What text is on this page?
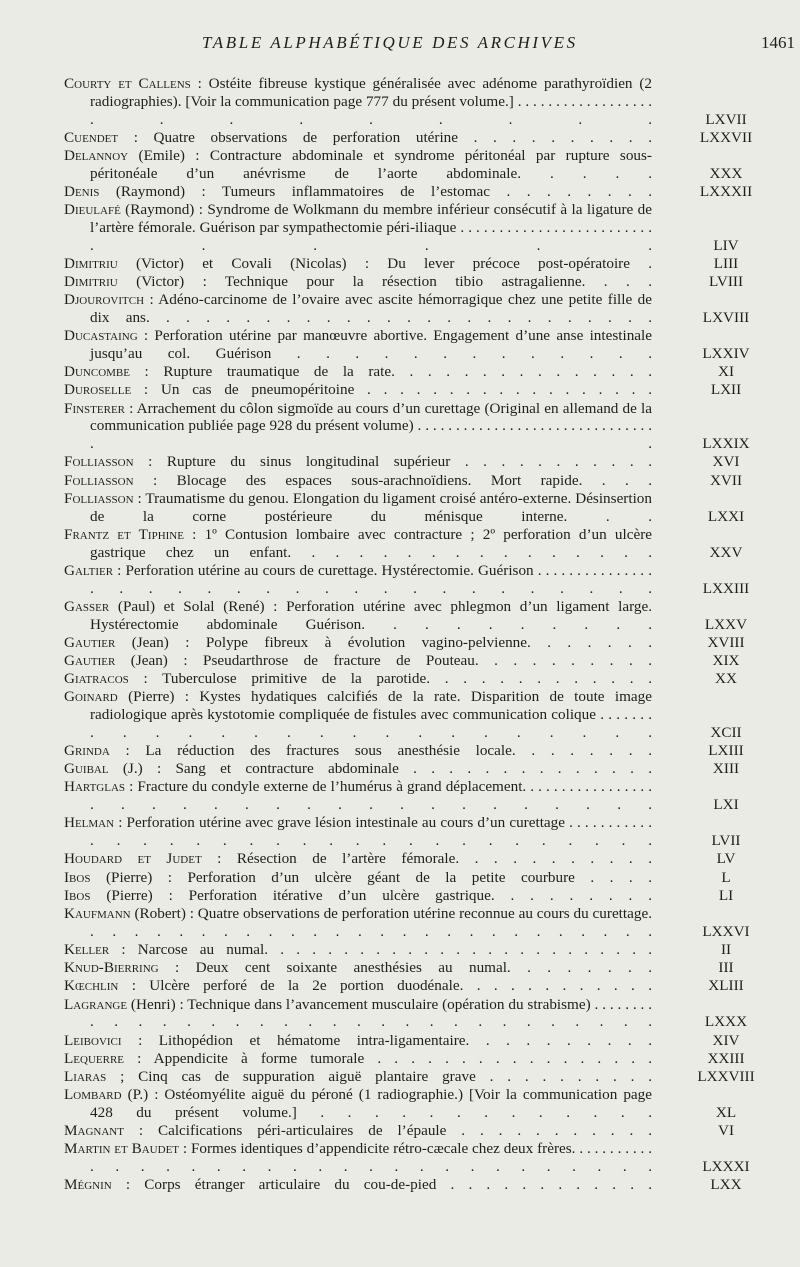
TABLE ALPHABÉTIQUE DES ARCHIVES	1461
Courty et Callens : Ostéite fibreuse kystique généralisée avec adénome parathyroïdien (2 radiographies). [Voir la communication page 777 du présent volume.] . . . . . . . . . . . . . . . . . . . . . . . . . . .	LXVII
Cuendet : Quatre observations de perforation utérine . . . . . . . . . .	LXXVII
Delannoy (Emile) : Contracture abdominale et syndrome péritonéal par rupture sous-péritonéale d’un anévrisme de l’aorte abdominale. . . . .	XXX
Denis (Raymond) : Tumeurs inflammatoires de l’estomac . . . . . . . .	LXXXII
Dieulafé (Raymond) : Syndrome de Wolkmann du membre inférieur consécutif à la ligature de l’artère fémorale. Guérison par sympathectomie péri-iliaque . . . . . . . . . . . . . . . . . . . . . . . . . . . . . . .	LIV
Dimitriu (Victor) et Covali (Nicolas) : Du lever précoce post-opératoire .	LIII
Dimitriu (Victor) : Technique pour la résection tibio astragalienne. . . .	LVIII
Djourovitch : Adéno-carcinome de l’ovaire avec ascite hémorragique chez une petite fille de dix ans. . . . . . . . . . . . . . . . . . . . . . . . . .	LXVIII
Ducastaing : Perforation utérine par manœuvre abortive. Engagement d’une anse intestinale jusqu’au col. Guérison . . . . . . . . . . . . .	LXXIV
Duncombe : Rupture traumatique de la rate. . . . . . . . . . . . . . .	XI
Duroselle : Un cas de pneumopéritoine . . . . . . . . . . . . . . . . . .	LXII
Finsterer : Arrachement du côlon sigmoïde au cours d’un curettage (Original en allemand de la communication publiée page 928 du présent volume) . . . . . . . . . . . . . . . . . . . . . . . . . . . . . . . . .	LXXIX
Folliasson : Rupture du sinus longitudinal supérieur . . . . . . . . . . .	XVI
Folliasson : Blocage des espaces sous-arachnoïdiens. Mort rapide. . . .	XVII
Folliasson : Traumatisme du genou. Elongation du ligament croisé antéro-externe. Désinsertion de la corne postérieure du ménisque interne. . .	LXXI
Frantz et Tiphine : 1º Contusion lombaire avec contracture ; 2º perforation d’un ulcère gastrique chez un enfant. . . . . . . . . . . . . . . .	XXV
Galtier : Perforation utérine au cours de curettage. Hystérectomie. Guérison . . . . . . . . . . . . . . . . . . . . . . . . . . . . . . . . . . .	LXXIII
Gasser (Paul) et Solal (René) : Perforation utérine avec phlegmon d’un ligament large. Hystérectomie abdominale Guérison. . . . . . . . . .	LXXV
Gautier (Jean) : Polype fibreux à évolution vagino-pelvienne. . . . . . .	XVIII
Gautier (Jean) : Pseudarthrose de fracture de Pouteau. . . . . . . . . .	XIX
Giatracos : Tuberculose primitive de la parotide. . . . . . . . . . . . .	XX
Goinard (Pierre) : Kystes hydatiques calcifiés de la rate. Disparition de toute image radiologique après kystotomie compliquée de fistules avec communication colique . . . . . . . . . . . . . . . . . . . . . . . . .	XCII
Grinda : La réduction des fractures sous anesthésie locale. . . . . . . .	LXIII
Guibal (J.) : Sang et contracture abdominale . . . . . . . . . . . . . .	XIII
Hartglas : Fracture du condyle externe de l’humérus à grand déplacement. . . . . . . . . . . . . . . . . . . . . . . . . . . . . . . . . . . .	LXI
Helman : Perforation utérine avec grave lésion intestinale au cours d’un curettage . . . . . . . . . . . . . . . . . . . . . . . . . . . . . . . . .	LVII
Houdard et Judet : Résection de l’artère fémorale. . . . . . . . . . .	LV
Ibos (Pierre) : Perforation d’un ulcère géant de la petite courbure . . . .	L
Ibos (Pierre) : Perforation itérative d’un ulcère gastrique. . . . . . . . .	LI
Kaufmann (Robert) : Quatre observations de perforation utérine reconnue au cours du curettage. . . . . . . . . . . . . . . . . . . . . . . . . . .	LXXVI
Keller : Narcose au numal. . . . . . . . . . . . . . . . . . . . . . . . .	II
Knud-Bierring : Deux cent soixante anesthésies au numal. . . . . . . .	III
Kœchlin : Ulcère perforé de la 2e portion duodénale. . . . . . . . . . . .	XLIII
Lagrange (Henri) : Technique dans l’avancement musculaire (opération du strabisme) . . . . . . . . . . . . . . . . . . . . . . . . . . . . . . . .	LXXX
Leibovici : Lithopédion et hématome intra-ligamentaire. . . . . . . . . .	XIV
Lequerre : Appendicite à forme tumorale . . . . . . . . . . . . . . . . .	XXIII
Liaras ; Cinq cas de suppuration aiguë plantaire grave . . . . . . . . . .	LXXVIII
Lombard (P.) : Ostéomyélite aiguë du péroné (1 radiographie.) [Voir la communication page 428 du présent volume.] . . . . . . . . . . . . .	XL
Magnant : Calcifications péri-articulaires de l’épaule . . . . . . . . . . .	VI
Martin et Baudet : Formes identiques d’appendicite rétro-cæcale chez deux frères. . . . . . . . . . . . . . . . . . . . . . . . . . . . . . . . . .	LXXXI
Mégnin : Corps étranger articulaire du cou-de-pied . . . . . . . . . . . .	LXX
